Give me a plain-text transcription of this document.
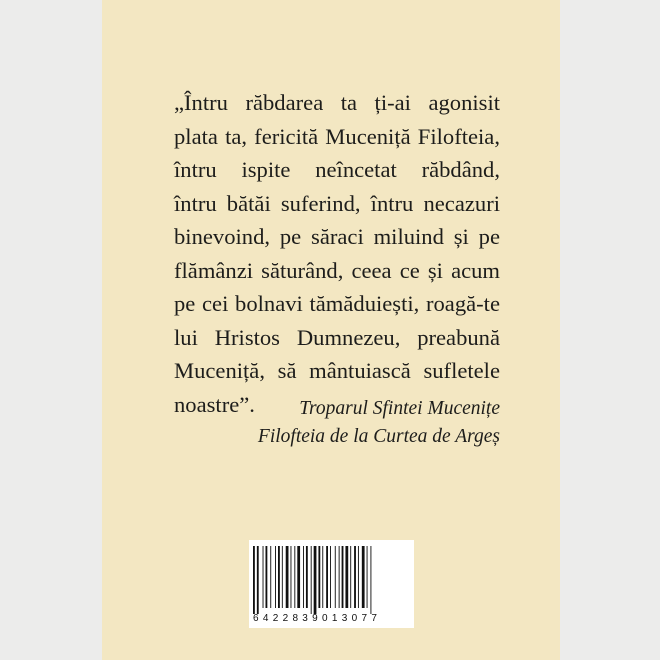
„Întru răbdarea ta ți-ai agonisit
plata ta, fericită Muceniță Filofteia,
întru ispite neîncetat răbdând,
întru bătăi suferind, întru necazuri
binevoind, pe săraci miluind și pe
flămânzi săturând, ceea ce și acum
pe cei bolnavi tămăduiești, roagă-te
lui Hristos Dumnezeu, preabună
Muceniță, să mântuiască sufletele
noastre”.	Troparul Sfintei Mucenițe
Filofteia de la Curtea de Argeș
6422839013077
